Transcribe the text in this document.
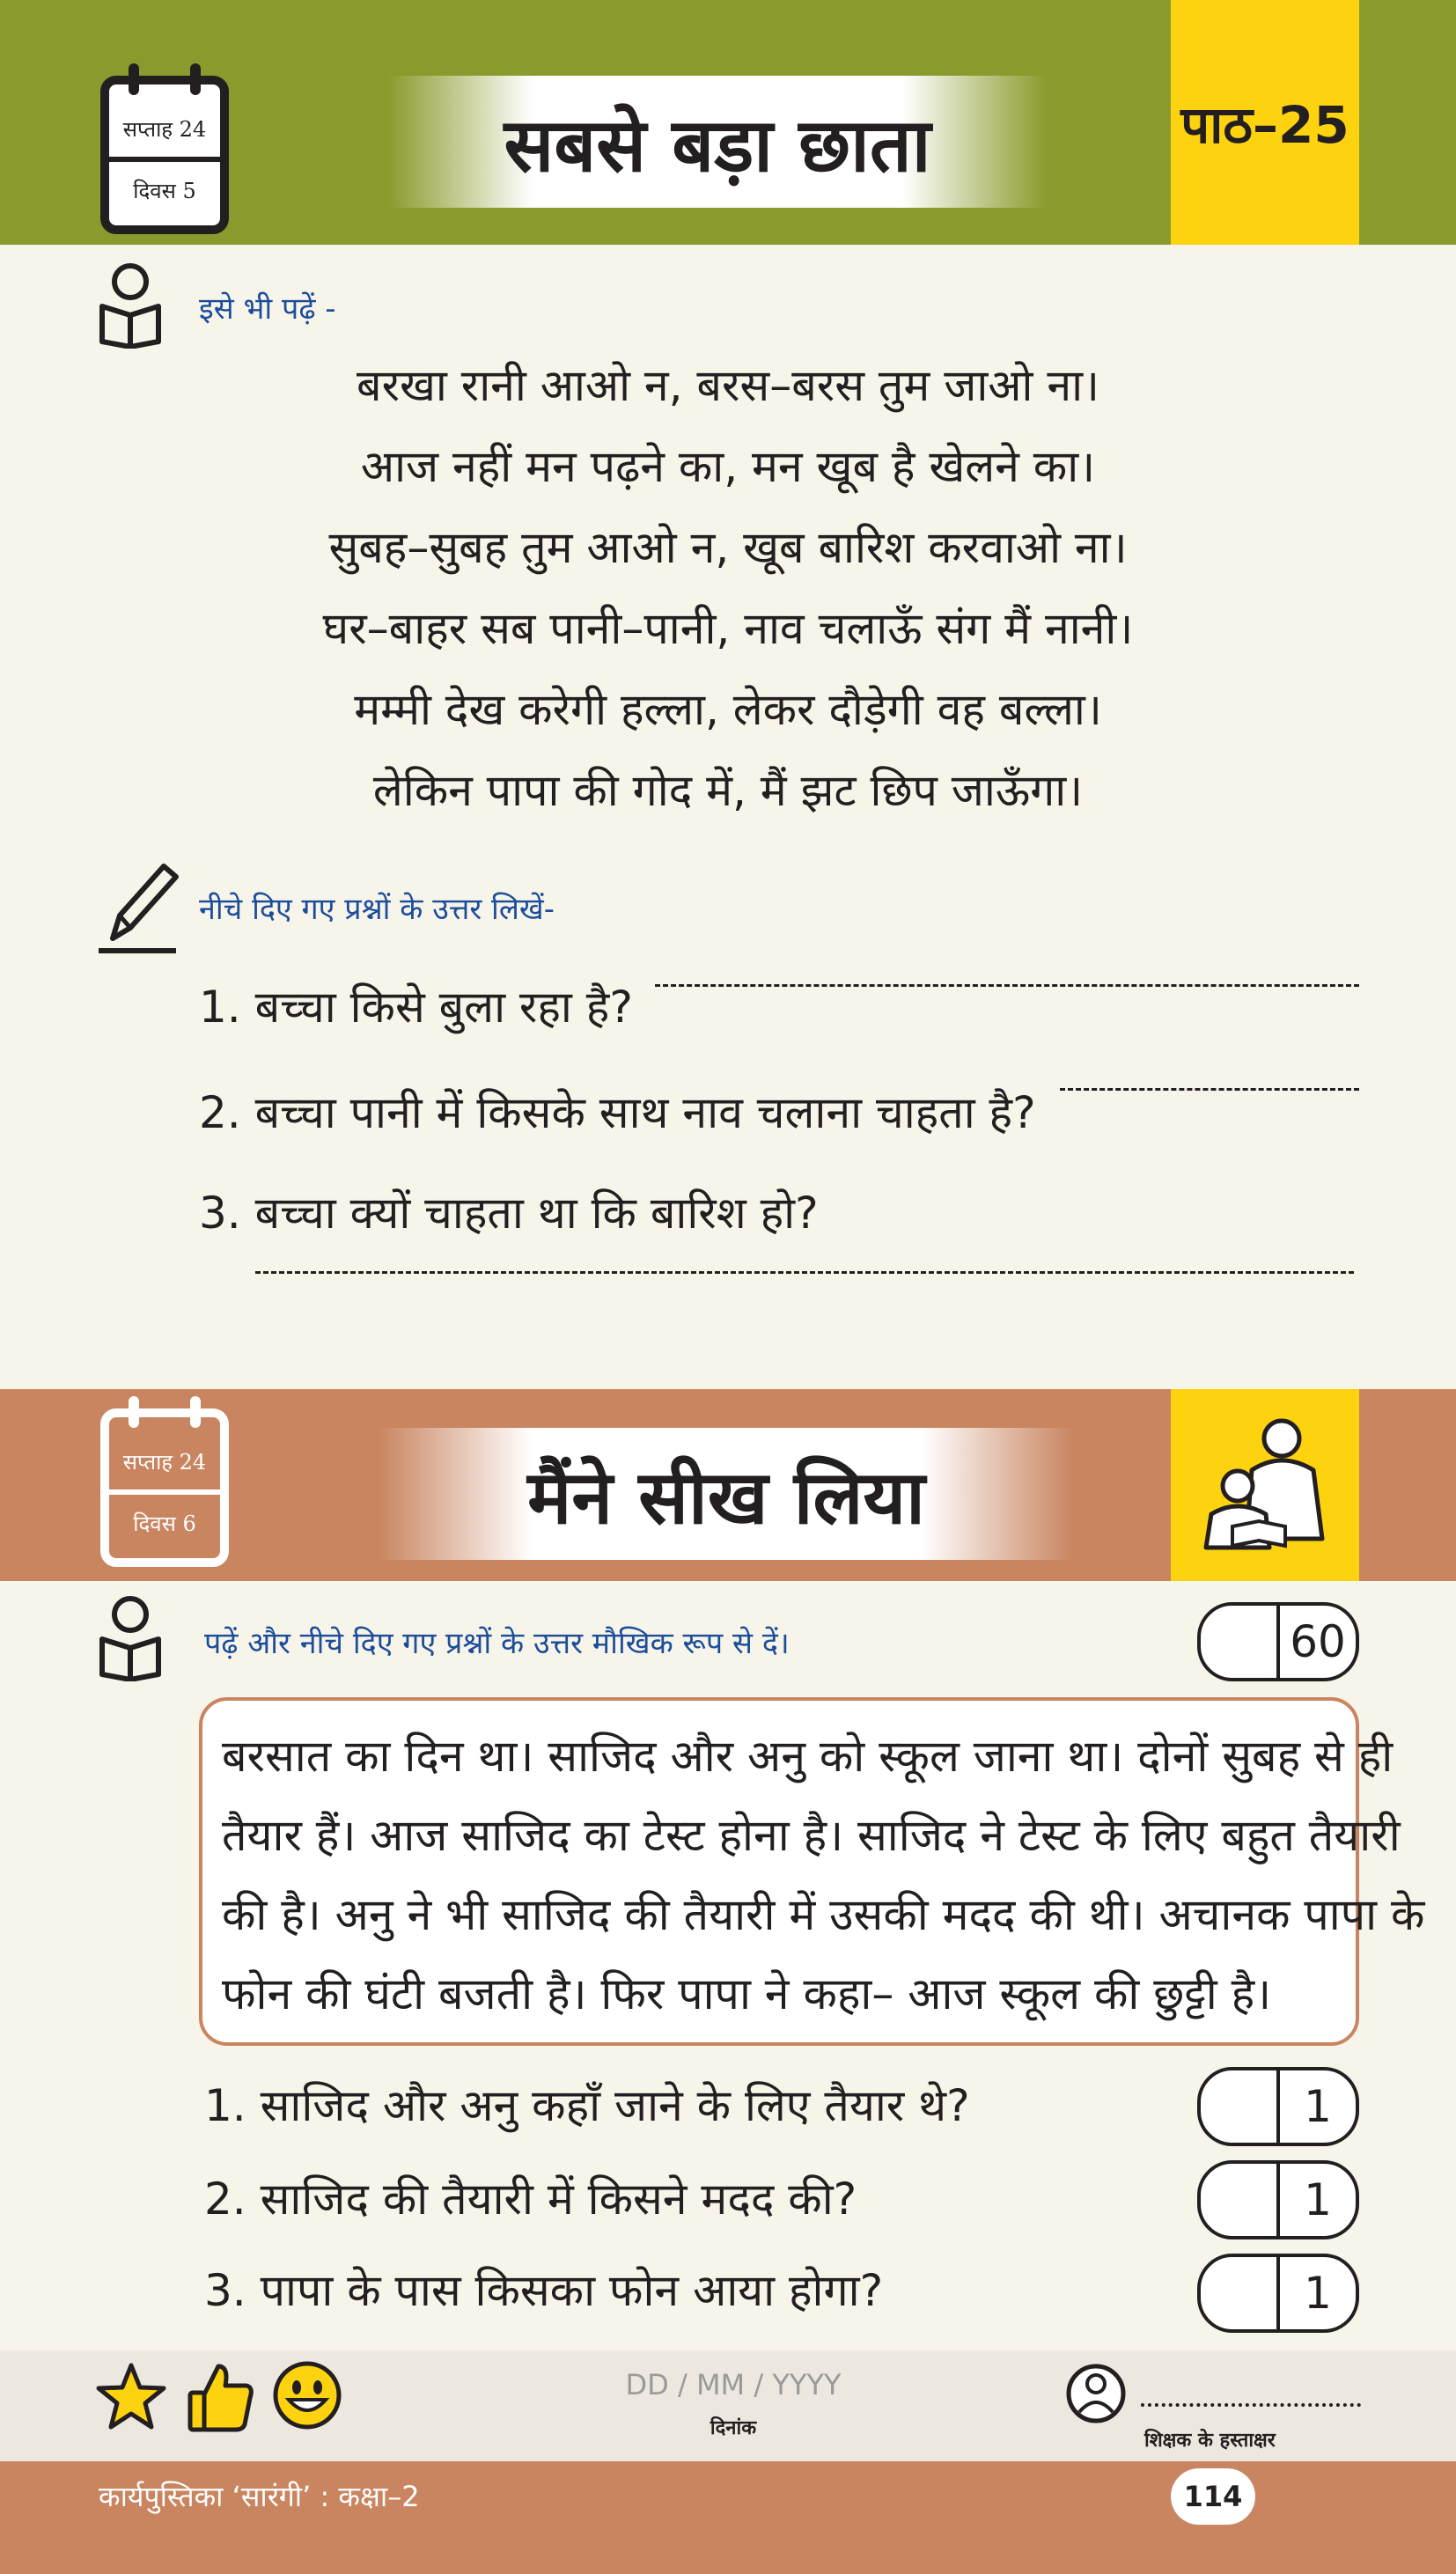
सप्ताह 24
दिवस 5
सबसे बड़ा छाता	पाठ–25
इसे भी पढ़ें -
बरखा रानी आओ न, बरस–बरस तुम जाओ ना।
आज नहीं मन पढ़ने का, मन खूब है खेलने का।
सुबह–सुबह तुम आओ न, खूब बारिश करवाओ ना।
घर–बाहर सब पानी–पानी, नाव चलाऊँ संग मैं नानी।
मम्मी देख करेगी हल्ला, लेकर दौड़ेगी वह बल्ला।
लेकिन पापा की गोद में, मैं झट छिप जाऊँगा।
नीचे दिए गए प्रश्नों के उत्तर लिखें-
1. बच्चा किसे बुला रहा है?
2. बच्चा पानी में किसके साथ नाव चलाना चाहता है?
3. बच्चा क्यों चाहता था कि बारिश हो?
सप्ताह 24
दिवस 6	मैंने सीख लिया
पढ़ें और नीचे दिए गए प्रश्नों के उत्तर मौखिक रूप से दें।	60
बरसात का दिन था। साजिद और अनु को स्कूल जाना था। दोनों सुबह से ही
तैयार हैं। आज साजिद का टेस्ट होना है। साजिद ने टेस्ट के लिए बहुत तैयारी
की है। अनु ने भी साजिद की तैयारी में उसकी मदद की थी। अचानक पापा के
फोन की घंटी बजती है। फिर पापा ने कहा– आज स्कूल की छुट्टी है।
1. साजिद और अनु कहाँ जाने के लिए तैयार थे?	1
2. साजिद की तैयारी में किसने मदद की?	1
3. पापा के पास किसका फोन आया होगा?	1
DD / MM / YYYY
दिनांक
शिक्षक के हस्ताक्षर
कार्यपुस्तिका ‘सारंगी’ : कक्षा–2	114
